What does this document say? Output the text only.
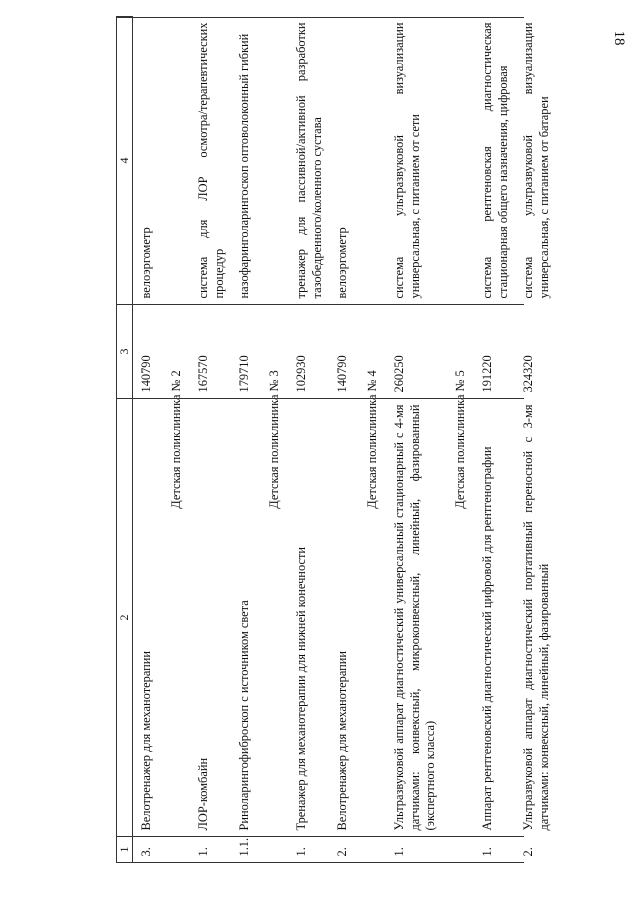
18
1	2	3	4
3.	Велотренажер для механотерапии	140790	велоэргометр
Детская поликлиника № 2			
1.	ЛОР-комбайн	167570	система для ЛОР осмотра/терапевтических процедур
1.1.	Риноларингофиброскоп с источником света	179710	назофаринголарингоскоп оптоволоконный гибкий
Детская поликлиника № 3			
1.	Тренажер для механотерапии для нижней конечности	102930	тренажер для пассивной/активной разработки тазобедренного/коленного сустава
2.	Велотренажер для механотерапии	140790	велоэргометр
Детская поликлиника № 4			
1.	Ультразвуковой аппарат диагностический универсальный стационарный с 4-мя датчиками: конвексный, микроконвексный, линейный, фазированный (экспертного класса)	260250	система ультразвуковой визуализации универсальная, с питанием от сети
Детская поликлиника № 5			
1.	Аппарат рентгеновский диагностический цифровой для рентгенографии	191220	система рентгеновская диагностическая стационарная общего назначения, цифровая
2.	Ультразвуковой аппарат диагностический портативный переносной с 3-мя датчиками: конвексный, линейный, фазированный	324320	система ультразвуковой визуализации универсальная, с питанием от батареи
